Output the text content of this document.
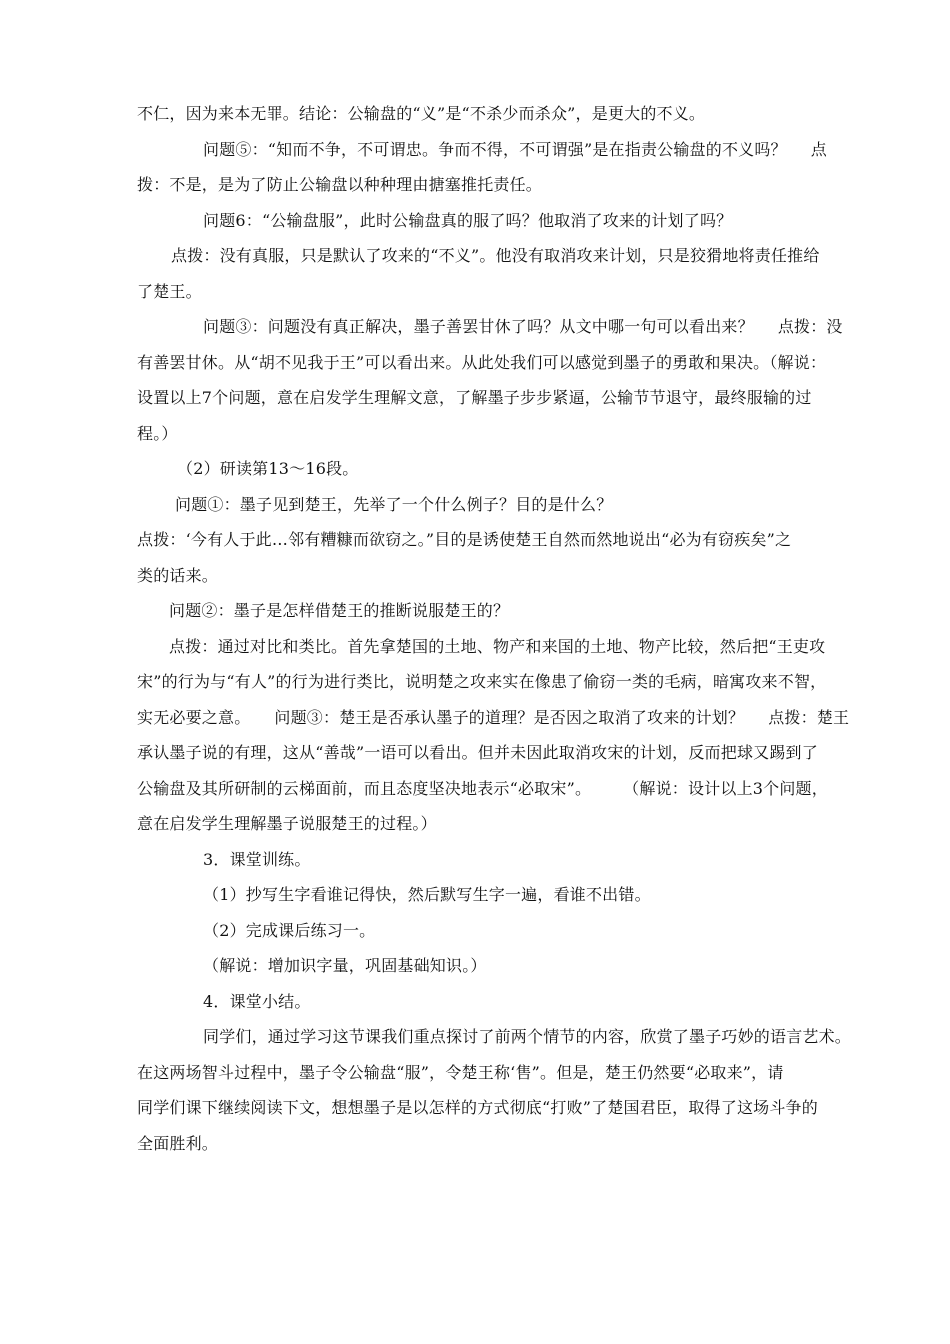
不仁，因为来本无罪。结论：公输盘的“义”是“不杀少而杀众”，是更大的不义。

问题⑤：“知而不争，不可谓忠。争而不得，不可谓强”是在指责公输盘的不义吗？ 点

拨：不是，是为了防止公输盘以种种理由搪塞推托责任。

问题6：“公输盘服”，此时公输盘真的服了吗？他取消了攻来的计划了吗？

点拨：没有真服，只是默认了攻来的“不义”。他没有取消攻来计划，只是狡猾地将责任推给

了楚王。

问题③：问题没有真正解决，墨子善罢甘休了吗？从文中哪一句可以看出来？ 点拨：没

有善罢甘休。从“胡不见我于王”可以看出来。从此处我们可以感觉到墨子的勇敢和果决。（解说：

设置以上7个问题，意在启发学生理解文意，了解墨子步步紧逼，公输节节退守，最终服输的过

程。）

（2）研读第13～16段。

问题①：墨子见到楚王，先举了一个什么例子？目的是什么？

点拨：‘今有人于此…邻有糟糠而欲窃之。”目的是诱使楚王自然而然地说出“必为有窃疾矣”之

类的话来。

问题②：墨子是怎样借楚王的推断说服楚王的？

点拨：通过对比和类比。首先拿楚国的土地、物产和来国的土地、物产比较，然后把“王吏攻

宋”的行为与“有人”的行为进行类比，说明楚之攻来实在像患了偷窃一类的毛病，暗寓攻来不智，

实无必要之意。 问题③：楚王是否承认墨子的道理？是否因之取消了攻来的计划？ 点拨：楚王

承认墨子说的有理，这从“善哉”一语可以看出。但并未因此取消攻宋的计划，反而把球又踢到了

公输盘及其所研制的云梯面前，而且态度坚决地表示“必取宋”。 （解说：设计以上3个问题，

意在启发学生理解墨子说服楚王的过程。）

3．课堂训练。

（1）抄写生字看谁记得快，然后默写生字一遍，看谁不出错。

（2）完成课后练习一。

（解说：增加识字量，巩固基础知识。）

4．课堂小结。

同学们，通过学习这节课我们重点探讨了前两个情节的内容，欣赏了墨子巧妙的语言艺术。

在这两场智斗过程中，墨子令公输盘“服”，令楚王称‘售”。但是，楚王仍然要“必取来”，请

同学们课下继续阅读下文，想想墨子是以怎样的方式彻底“打败”了楚国君臣，取得了这场斗争的

全面胜利。
